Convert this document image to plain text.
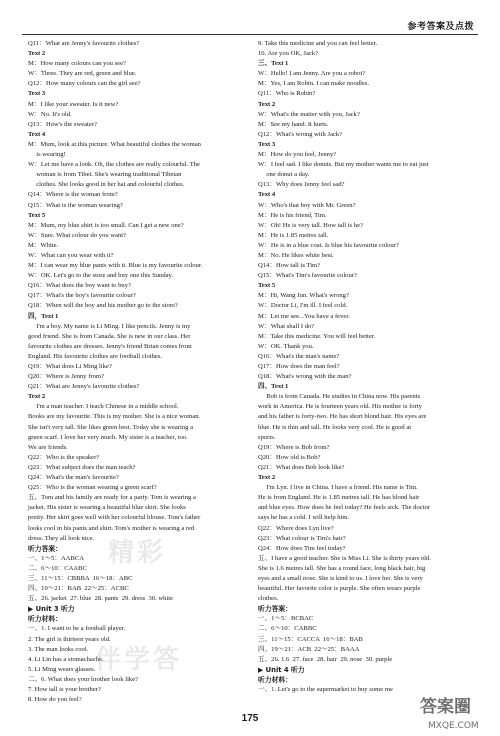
参考答案及点拨
Q11：What are Jenny's favourite clothes?
Text 2
M：How many colours can you see?
W：Three. They are red, green and blue.
Q12：How many colours can the girl see?
Text 3
M：I like your sweater. Is it new?
W：No. It's old.
Q13：How's the sweater?
Text 4
M：Mum, look at this picture. What beautiful clothes the woman
is wearing!
W：Let me have a look. Oh, the clothes are really colourful. The
woman is from Tibet. She's wearing traditional Tibetan
clothes. She looks good in her hat and colourful clothes.
Q14：Where is the woman from?
Q15：What is the woman wearing?
Text 5
M：Mum, my blue shirt is too small. Can I get a new one?
W：Sure. What colour do you want?
M：White.
W：What can you wear with it?
M：I can wear my blue pants with it. Blue is my favourite colour.
W：OK. Let's go to the store and buy one this Sunday.
Q16：What does the boy want to buy?
Q17：What's the boy's favourite colour?
Q18：When will the boy and his mother go to the store?
四，Text 1
I'm a boy. My name is Li Ming. I like pencils. Jenny is my
good friend. She is from Canada. She is new in our class. Her
favourite clothes are dresses. Jenny's friend Brian comes from
England. His favourite clothes are football clothes.
Q19：What does Li Ming like?
Q20：Where is Jenny from?
Q21：What are Jenny's favourite clothes?
Text 2
I'm a man teacher. I teach Chinese in a middle school.
Books are my favourite. This is my mother. She is a nice woman.
She isn't very tall. She likes green best. Today she is wearing a
green scarf. I love her very much. My sister is a teacher, too.
We are friends.
Q22：Who is the speaker?
Q23：What subject does the man teach?
Q24：What's the man's favourite?
Q25：Who is the woman wearing a green scarf?
五、Tom and his family are ready for a party. Tom is wearing a
jacket. His sister is wearing a beautiful blue skirt. She looks
pretty. Her skirt goes well with her colourful blouse. Tom's father
looks cool in his pants and shirt. Tom's mother is wearing a red
dress. They all look nice.
听力答案：
一、1～5：AABCA
二、6～10：CAABC
三、11～15：CBBBA  16～18：ABC
四、19～21：BAB  22～25：ACBC
五、26. jacket  27. blue  28. pants  29. dress  30. white
▶ Unit 3 听力
听力材料：
一、1. I want to be a football player.
2. The girl is thirteen years old.
3. The man looks cool.
4. Li Lin has a stomachache.
5. Li Ming wears glasses.
二、6. What does your brother look like?
7. How tall is your brother?
8. How do you feel?
9. Take this medicine and you can feel better.
10. Are you OK, Jack?
三、Text 1
W：Hello! I am Jenny. Are you a robot?
M：Yes, I am Robin. I can make noodles.
Q11：Who is Robin?
Text 2
W：What's the matter with you, Jack?
M：See my hand. It hurts.
Q12：What's wrong with Jack?
Text 3
M：How do you feel, Jenny?
W：I feel sad. I like donuts. But my mother wants me to eat just
one donut a day.
Q13：Why does Jenny feel sad?
Text 4
W：Who's that boy with Mr. Green?
M：He is his friend, Tim.
W：Oh! He is very tall. How tall is he?
M：He is 1.85 metres tall.
W：He is in a blue coat. Is blue his favourite colour?
M：No. He likes white best.
Q14：How tall is Tim?
Q15：What's Tim's favourite colour?
Text 5
M：Hi, Wang Jun. What's wrong?
W：Doctor Li, I'm ill. I feel cold.
M：Let me see...You have a fever.
W：What shall I do?
M：Take this medicine. You will feel better.
W：OK. Thank you.
Q16：What's the man's name?
Q17：How does the man feel?
Q18：What's wrong with the man?
四、Text 1
Bob is from Canada. He studies in China now. His parents
work in America. He is fourteen years old. His mother is forty
and his father is forty-two. He has short blond hair. His eyes are
blue. He is thin and tall. He looks very cool. He is good at
sports.
Q19：Where is Bob from?
Q20：How old is Bob?
Q21：What does Bob look like?
Text 2
I'm Lyn. I live in China. I have a friend. His name is Tim.
He is from England. He is 1.85 metres tall. He has blond hair
and blue eyes. How does he feel today? He feels sick. The doctor
says he has a cold. I will help him.
Q22：Where does Lyn live?
Q23：What colour is Tim's hair?
Q24：How does Tim feel today?
五、I have a good teacher. She is Miss Li. She is thirty years old.
She is 1.6 metres tall. She has a round face, long black hair, big
eyes and a small nose. She is kind to us. I love her. She is very
beautiful. Her favorite color is purple. She often wears purple
clothes.
听力答案：
一、1～5：BCBAC
二、6～10：CABBC
三、11～15：CACCA  16～18：BAB
四、19～21：ACB  22～25：BAAA
五、26. 1.6  27. face  28. hair  29. nose  30. purple
▶ Unit 4 听力
听力材料：
一、1. Let's go to the supermarket to buy some me
精彩
伴学答
175
答案圈
MXQE.COM
